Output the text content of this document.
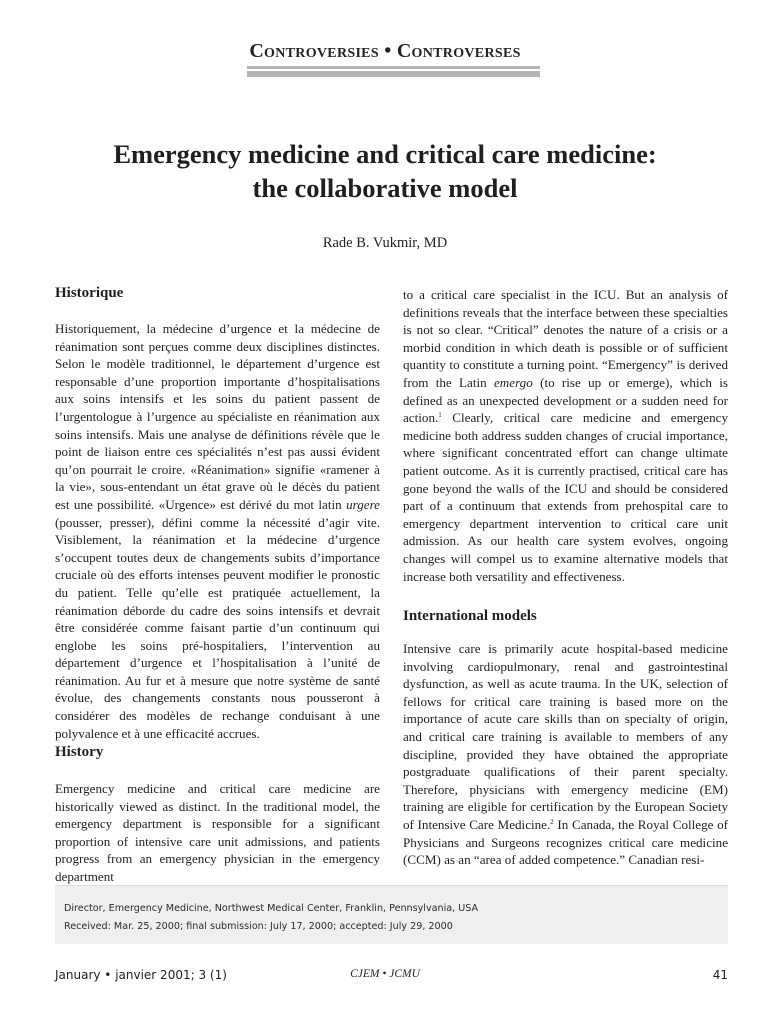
Controversies • Controverses
Emergency medicine and critical care medicine:
the collaborative model
Rade B. Vukmir, MD
Historique

Historiquement, la médecine d’urgence et la médecine de réanimation sont perçues comme deux disciplines distinctes. Selon le modèle traditionnel, le département d’urgence est responsable d’une proportion importante d’hospitalisations aux soins intensifs et les soins du patient passent de l’urgentologue à l’urgence au spécialiste en réanimation aux soins intensifs. Mais une analyse de définitions révèle que le point de liaison entre ces spécialités n’est pas aussi évident qu’on pourrait le croire. «Réanimation» signifie «ramener à la vie», sous-entendant un état grave où le décès du patient est une possibilité. «Urgence» est dérivé du mot latin urgere (pousser, presser), défini comme la nécessité d’agir vite. Visiblement, la réanimation et la médecine d’urgence s’occupent toutes deux de changements subits d’importance cruciale où des efforts intenses peuvent modifier le pronostic du patient. Telle qu’elle est pratiquée actuellement, la réanimation déborde du cadre des soins intensifs et devrait être considérée comme faisant partie d’un continuum qui englobe les soins pré-hospitaliers, l’intervention au département d’urgence et l’hospitalisation à l’unité de réanimation. Au fur et à mesure que notre système de santé évolue, des changements constants nous pousseront à considérer des modèles de rechange conduisant à une polyvalence et à une efficacité accrues.

History

Emergency medicine and critical care medicine are historically viewed as distinct. In the traditional model, the emergency department is responsible for a significant proportion of intensive care unit admissions, and patients progress from an emergency physician in the emergency department

to a critical care specialist in the ICU. But an analysis of definitions reveals that the interface between these specialties is not so clear. “Critical” denotes the nature of a crisis or a morbid condition in which death is possible or of sufficient quantity to constitute a turning point. “Emergency” is derived from the Latin emergo (to rise up or emerge), which is defined as an unexpected development or a sudden need for action.$^1$ Clearly, critical care medicine and emergency medicine both address sudden changes of crucial importance, where significant concentrated effort can change ultimate patient outcome. As it is currently practised, critical care has gone beyond the walls of the ICU and should be considered part of a continuum that extends from prehospital care to emergency department intervention to critical care unit admission. As our health care system evolves, ongoing changes will compel us to examine alternative models that increase both versatility and effectiveness.

International models

Intensive care is primarily acute hospital-based medicine involving cardiopulmonary, renal and gastrointestinal dysfunction, as well as acute trauma. In the UK, selection of fellows for critical care training is based more on the importance of acute care skills than on specialty of origin, and critical care training is available to members of any discipline, provided they have obtained the appropriate postgraduate qualifications of their parent specialty. Therefore, physicians with emergency medicine (EM) training are eligible for certification by the European Society of Intensive Care Medicine.$^2$ In Canada, the Royal College of Physicians and Surgeons recognizes critical care medicine (CCM) as an “area of added competence.” Canadian resi-

Director, Emergency Medicine, Northwest Medical Center, Franklin, Pennsylvania, USA
Received: Mar. 25, 2000; final submission: July 17, 2000; accepted: July 29, 2000
January • janvier 2001; 3 (1)	CJEM • JCMU	41
